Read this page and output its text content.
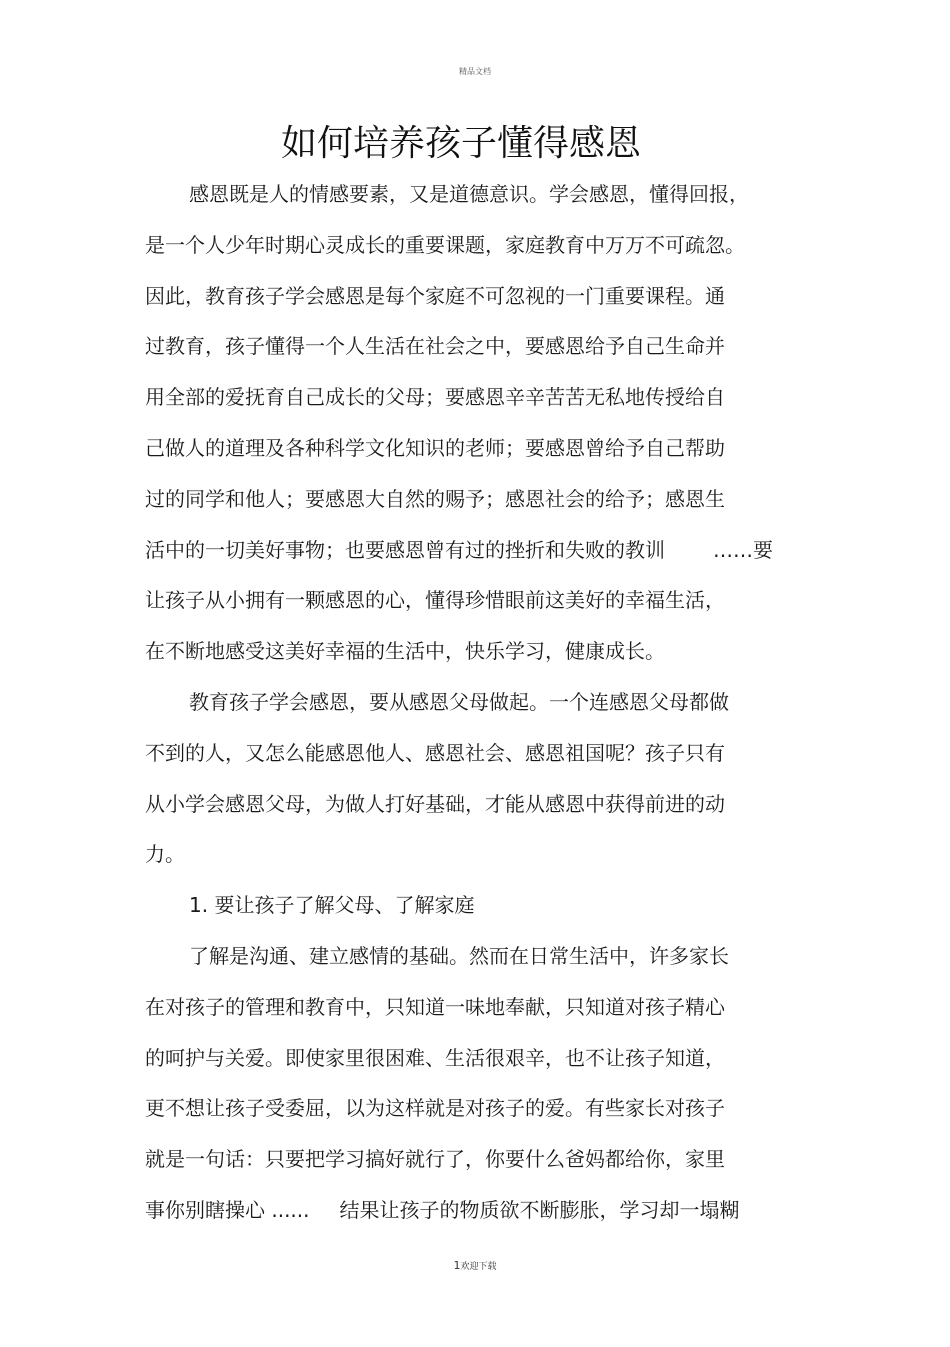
精品文档
如何培养孩子懂得感恩
感恩既是人的情感要素，又是道德意识。学会感恩，懂得回报，
是一个人少年时期心灵成长的重要课题，家庭教育中万万不可疏忽。
因此，教育孩子学会感恩是每个家庭不可忽视的一门重要课程。通
过教育，孩子懂得一个人生活在社会之中，要感恩给予自己生命并
用全部的爱抚育自己成长的父母；要感恩辛辛苦苦无私地传授给自
己做人的道理及各种科学文化知识的老师；要感恩曾给予自己帮助
过的同学和他人；要感恩大自然的赐予；感恩社会的给予；感恩生
活中的一切美好事物；也要感恩曾有过的挫折和失败的教训 ……要
让孩子从小拥有一颗感恩的心，懂得珍惜眼前这美好的幸福生活，
在不断地感受这美好幸福的生活中，快乐学习，健康成长。
教育孩子学会感恩，要从感恩父母做起。一个连感恩父母都做
不到的人，又怎么能感恩他人、感恩社会、感恩祖国呢？孩子只有
从小学会感恩父母，为做人打好基础，才能从感恩中获得前进的动
力。
1. 要让孩子了解父母、了解家庭
了解是沟通、建立感情的基础。然而在日常生活中，许多家长
在对孩子的管理和教育中，只知道一味地奉献，只知道对孩子精心
的呵护与关爱。即使家里很困难、生活很艰辛，也不让孩子知道，
更不想让孩子受委屈，以为这样就是对孩子的爱。有些家长对孩子
就是一句话：只要把学习搞好就行了，你要什么爸妈都给你，家里
事你别瞎操心 ...... 结果让孩子的物质欲不断膨胀，学习却一塌糊
1欢迎下载
